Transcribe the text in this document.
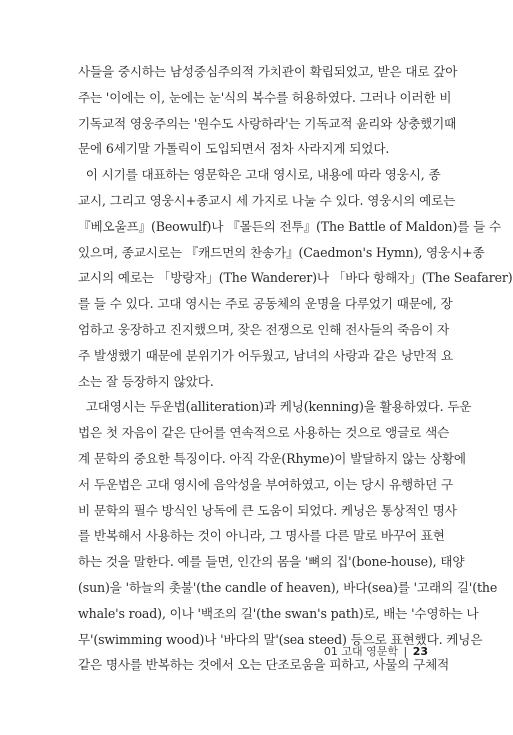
사들을 중시하는 남성중심주의적 가치관이 확립되었고, 받은 대로 갚아
주는 '이에는 이, 눈에는 눈'식의 복수를 허용하였다. 그러나 이러한 비
기독교적 영웅주의는 '원수도 사랑하라'는 기독교적 윤리와 상충했기때
문에 6세기말 가톨릭이 도입되면서 점차 사라지게 되었다.
이 시기를 대표하는 영문학은 고대 영시로, 내용에 따라 영웅시, 종
교시, 그리고 영웅시+종교시 세 가지로 나눌 수 있다. 영웅시의 예로는
『베오울프』(Beowulf)나 『몰든의 전투』(The Battle of Maldon)를 들 수
있으며, 종교시로는 『캐드먼의 찬송가』(Caedmon's Hymn), 영웅시+종
교시의 예로는 「방랑자」(The Wanderer)나 「바다 항해자」(The Seafarer)
를 들 수 있다. 고대 영시는 주로 공동체의 운명을 다루었기 때문에, 장
엄하고 웅장하고 진지했으며, 잦은 전쟁으로 인해 전사들의 죽음이 자
주 발생했기 때문에 분위기가 어두웠고, 남녀의 사랑과 같은 낭만적 요
소는 잘 등장하지 않았다.
고대영시는 두운법(alliteration)과 케닝(kenning)을 활용하였다. 두운
법은 첫 자음이 같은 단어를 연속적으로 사용하는 것으로 앵글로 색슨
계 문학의 중요한 특징이다. 아직 각운(Rhyme)이 발달하지 않는 상황에
서 두운법은 고대 영시에 음악성을 부여하였고, 이는 당시 유행하던 구
비 문학의 필수 방식인 낭독에 큰 도움이 되었다. 케닝은 통상적인 명사
를 반복해서 사용하는 것이 아니라, 그 명사를 다른 말로 바꾸어 표현
하는 것을 말한다. 예를 들면, 인간의 몸을 '뼈의 집'(bone-house), 태양
(sun)을 '하늘의 촛불'(the candle of heaven), 바다(sea)를 '고래의 길'(the
whale's road), 이나 '백조의 길'(the swan's path)로, 배는 '수영하는 나
무'(swimming wood)나 '바다의 말'(sea steed) 등으로 표현했다. 케닝은
같은 명사를 반복하는 것에서 오는 단조로움을 피하고, 사물의 구체적
01 고대 영문학 | 23
